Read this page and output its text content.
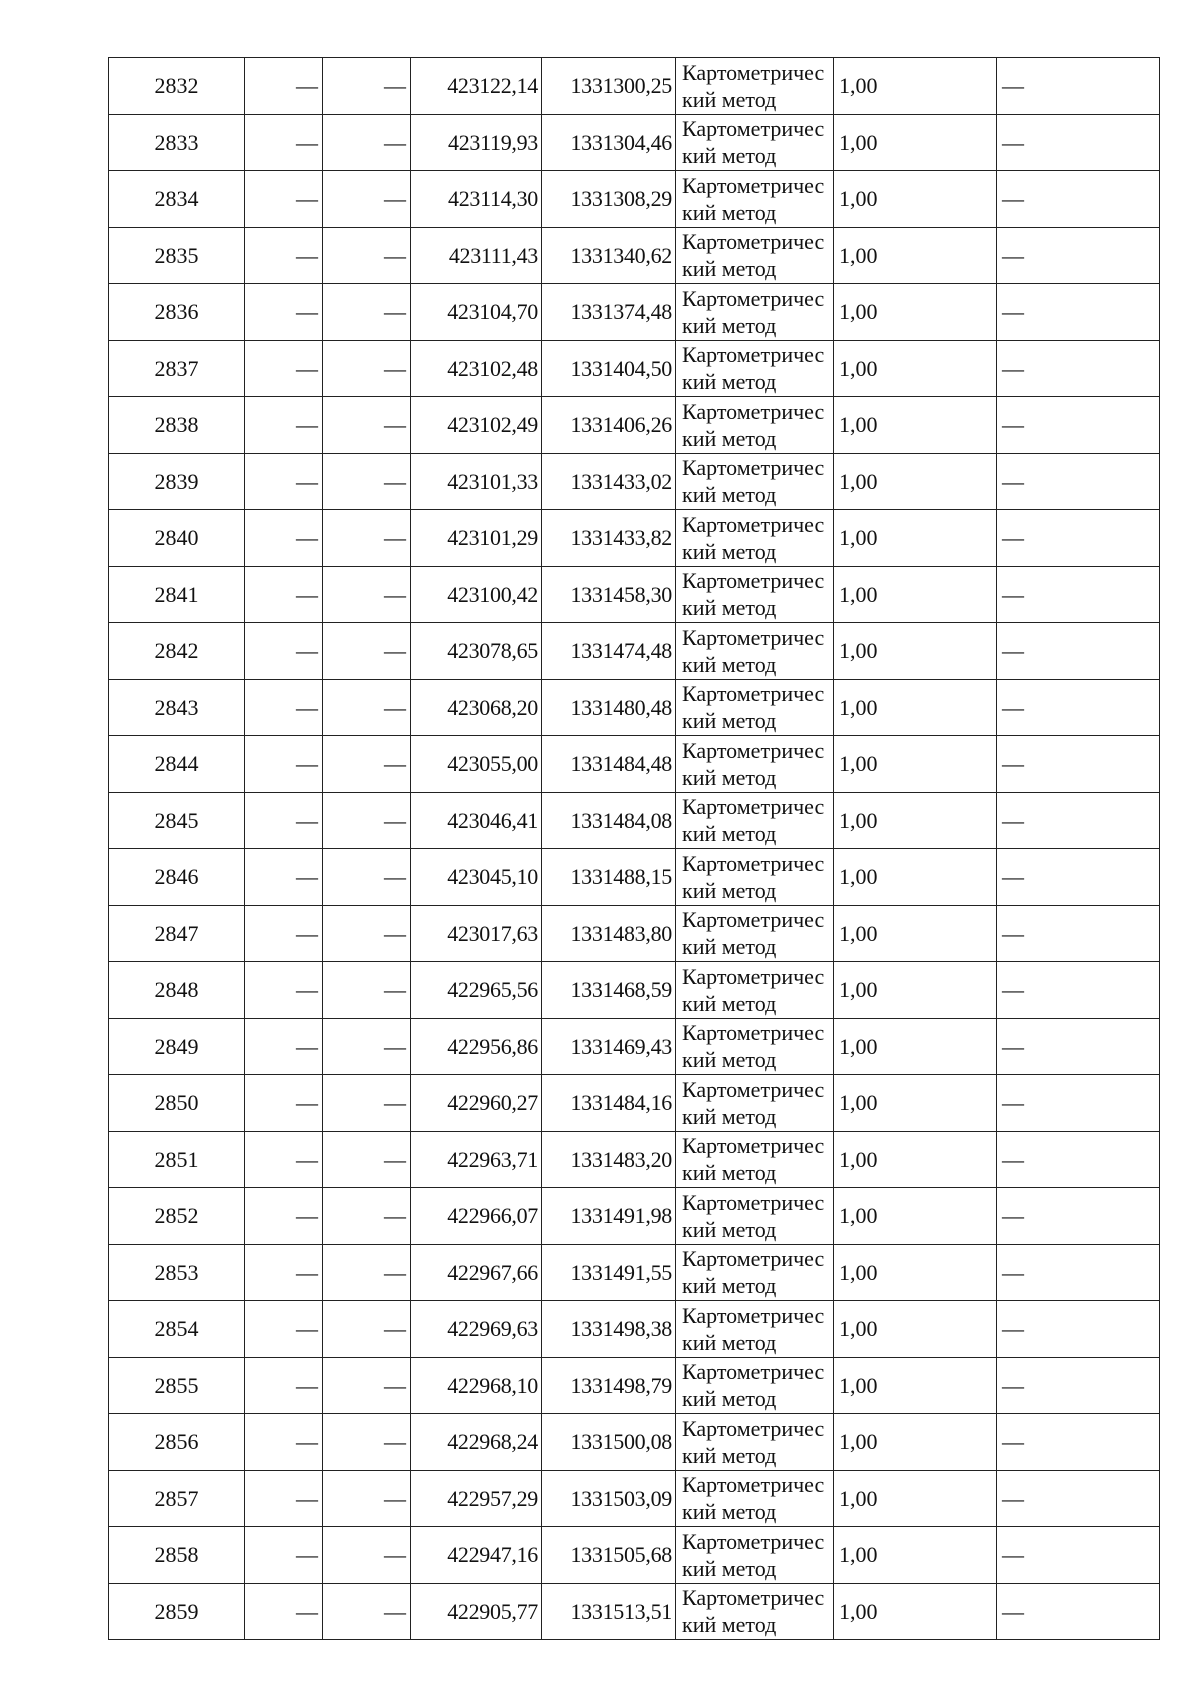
2832	—	—	423122,14	1331300,25	Картометрический метод	1,00	—
2833	—	—	423119,93	1331304,46	Картометрический метод	1,00	—
2834	—	—	423114,30	1331308,29	Картометрический метод	1,00	—
2835	—	—	423111,43	1331340,62	Картометрический метод	1,00	—
2836	—	—	423104,70	1331374,48	Картометрический метод	1,00	—
2837	—	—	423102,48	1331404,50	Картометрический метод	1,00	—
2838	—	—	423102,49	1331406,26	Картометрический метод	1,00	—
2839	—	—	423101,33	1331433,02	Картометрический метод	1,00	—
2840	—	—	423101,29	1331433,82	Картометрический метод	1,00	—
2841	—	—	423100,42	1331458,30	Картометрический метод	1,00	—
2842	—	—	423078,65	1331474,48	Картометрический метод	1,00	—
2843	—	—	423068,20	1331480,48	Картометрический метод	1,00	—
2844	—	—	423055,00	1331484,48	Картометрический метод	1,00	—
2845	—	—	423046,41	1331484,08	Картометрический метод	1,00	—
2846	—	—	423045,10	1331488,15	Картометрический метод	1,00	—
2847	—	—	423017,63	1331483,80	Картометрический метод	1,00	—
2848	—	—	422965,56	1331468,59	Картометрический метод	1,00	—
2849	—	—	422956,86	1331469,43	Картометрический метод	1,00	—
2850	—	—	422960,27	1331484,16	Картометрический метод	1,00	—
2851	—	—	422963,71	1331483,20	Картометрический метод	1,00	—
2852	—	—	422966,07	1331491,98	Картометрический метод	1,00	—
2853	—	—	422967,66	1331491,55	Картометрический метод	1,00	—
2854	—	—	422969,63	1331498,38	Картометрический метод	1,00	—
2855	—	—	422968,10	1331498,79	Картометрический метод	1,00	—
2856	—	—	422968,24	1331500,08	Картометрический метод	1,00	—
2857	—	—	422957,29	1331503,09	Картометрический метод	1,00	—
2858	—	—	422947,16	1331505,68	Картометрический метод	1,00	—
2859	—	—	422905,77	1331513,51	Картометрический метод	1,00	—
